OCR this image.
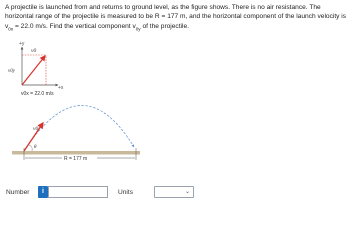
A projectile is launched from and returns to ground level, as the figure shows. There is no air resistance. The horizontal range of the projectile is measured to be R = 177 m, and the horizontal component of the launch velocity is $v_{0x} = 22.0$ m/s. Find the vertical component $v_{0y}$ of the projectile.
+y
+x
v0
v0y
v0x = 22.0 m/s
v0
θ
R = 177 m
Number	i	Units	⌄
